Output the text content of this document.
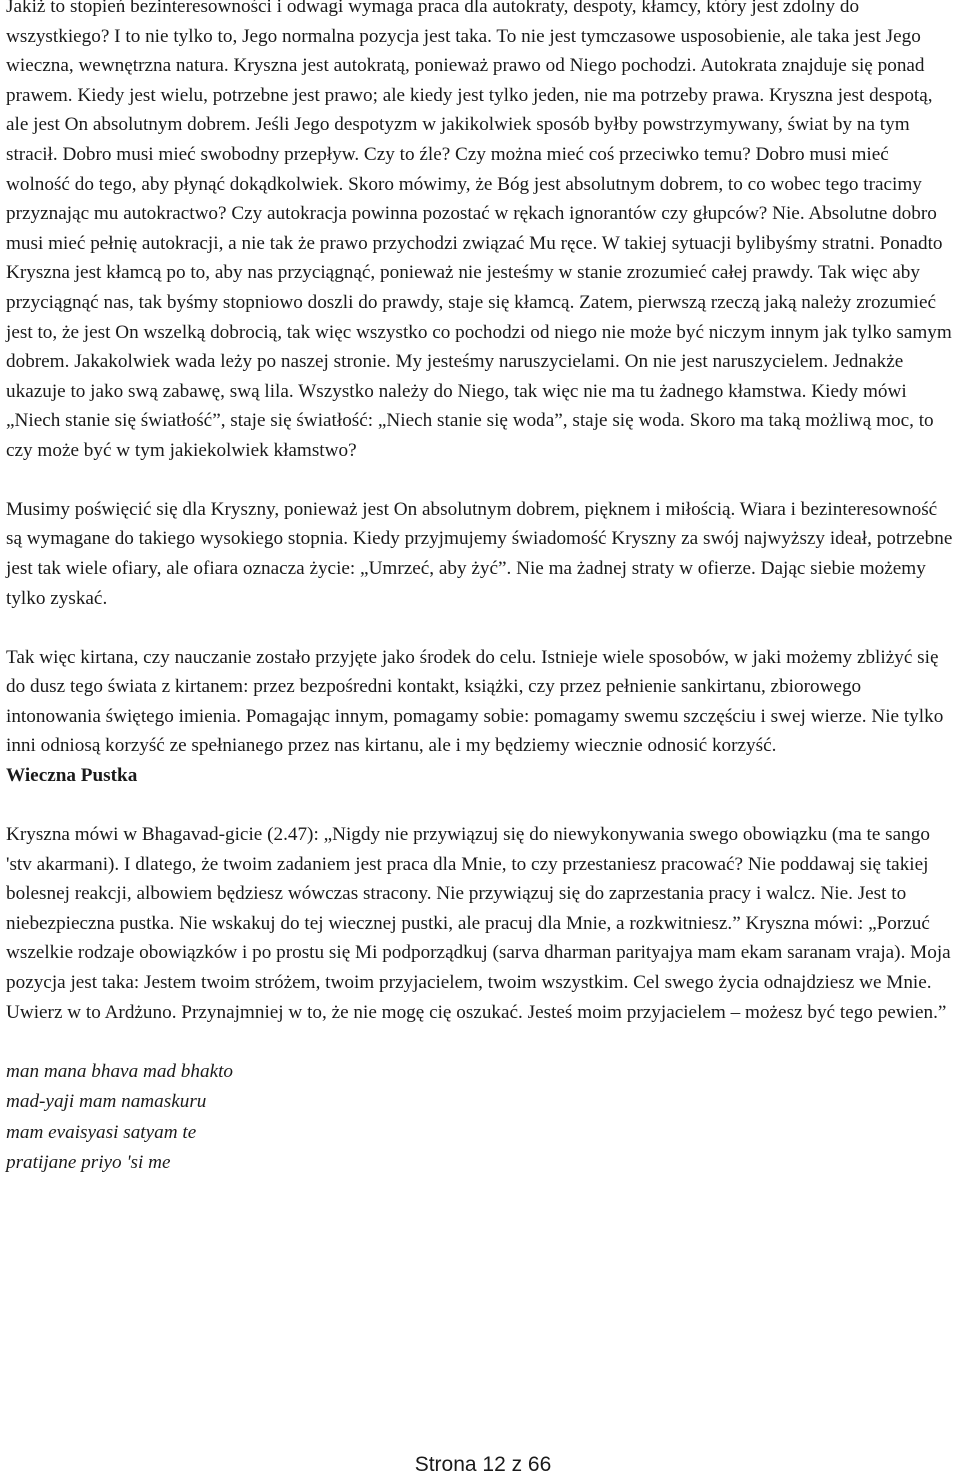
Jakiż to stopień bezinteresowności i odwagi wymaga praca dla autokraty, despoty, kłamcy, który jest zdolny do wszystkiego? I to nie tylko to, Jego normalna pozycja jest taka. To nie jest tymczasowe usposobienie, ale taka jest Jego wieczna, wewnętrzna natura. Kryszna jest autokratą, ponieważ prawo od Niego pochodzi. Autokrata znajduje się ponad prawem. Kiedy jest wielu, potrzebne jest prawo; ale kiedy jest tylko jeden, nie ma potrzeby prawa. Kryszna jest despotą, ale jest On absolutnym dobrem. Jeśli Jego despotyzm w jakikolwiek sposób byłby powstrzymywany, świat by na tym stracił. Dobro musi mieć swobodny przepływ. Czy to źle? Czy można mieć coś przeciwko temu? Dobro musi mieć wolność do tego, aby płynąć dokądkolwiek. Skoro mówimy, że Bóg jest absolutnym dobrem, to co wobec tego tracimy przyznając mu autokractwo? Czy autokracja powinna pozostać w rękach ignorantów czy głupców? Nie. Absolutne dobro musi mieć pełnię autokracji, a nie tak że prawo przychodzi związać Mu ręce. W takiej sytuacji bylibyśmy stratni. Ponadto Kryszna jest kłamcą po to, aby nas przyciągnąć, ponieważ nie jesteśmy w stanie zrozumieć całej prawdy. Tak więc aby przyciągnąć nas, tak byśmy stopniowo doszli do prawdy, staje się kłamcą. Zatem, pierwszą rzeczą jaką należy zrozumieć jest to, że jest On wszelką dobrocią, tak więc wszystko co pochodzi od niego nie może być niczym innym jak tylko samym dobrem. Jakakolwiek wada leży po naszej stronie. My jesteśmy naruszycielami. On nie jest naruszycielem. Jednakże ukazuje to jako swą zabawę, swą lila. Wszystko należy do Niego, tak więc nie ma tu żadnego kłamstwa. Kiedy mówi „Niech stanie się światłość”, staje się światłość: „Niech stanie się woda”, staje się woda. Skoro ma taką możliwą moc, to czy może być w tym jakiekolwiek kłamstwo?

Musimy poświęcić się dla Kryszny, ponieważ jest On absolutnym dobrem, pięknem i miłością. Wiara i bezinteresowność są wymagane do takiego wysokiego stopnia. Kiedy przyjmujemy świadomość Kryszny za swój najwyższy ideał, potrzebne jest tak wiele ofiary, ale ofiara oznacza życie: „Umrzeć, aby żyć”. Nie ma żadnej straty w ofierze. Dając siebie możemy tylko zyskać.

Tak więc kirtana, czy nauczanie zostało przyjęte jako środek do celu. Istnieje wiele sposobów, w jaki możemy zbliżyć się do dusz tego świata z kirtanem: przez bezpośredni kontakt, książki, czy przez pełnienie sankirtanu, zbiorowego intonowania świętego imienia. Pomagając innym, pomagamy sobie: pomagamy swemu szczęściu i swej wierze. Nie tylko inni odniosą korzyść ze spełnianego przez nas kirtanu, ale i my będziemy wiecznie odnosić korzyść.

Wieczna Pustka

Kryszna mówi w Bhagavad-gicie (2.47): „Nigdy nie przywiązuj się do niewykonywania swego obowiązku (ma te sango 'stv akarmani). I dlatego, że twoim zadaniem jest praca dla Mnie, to czy przestaniesz pracować? Nie poddawaj się takiej bolesnej reakcji, albowiem będziesz wówczas stracony. Nie przywiązuj się do zaprzestania pracy i walcz. Nie. Jest to niebezpieczna pustka. Nie wskakuj do tej wiecznej pustki, ale pracuj dla Mnie, a rozkwitniesz.” Kryszna mówi: „Porzuć wszelkie rodzaje obowiązków i po prostu się Mi podporządkuj (sarva dharman parityajya mam ekam saranam vraja). Moja pozycja jest taka: Jestem twoim stróżem, twoim przyjacielem, twoim wszystkim. Cel swego życia odnajdziesz we Mnie. Uwierz w to Ardżuno. Przynajmniej w to, że nie mogę cię oszukać. Jesteś moim przyjacielem – możesz być tego pewien.”

man mana bhava mad bhakto

mad-yaji mam namaskuru

mam evaisyasi satyam te

pratijane priyo 'si me

Strona 12 z 66
